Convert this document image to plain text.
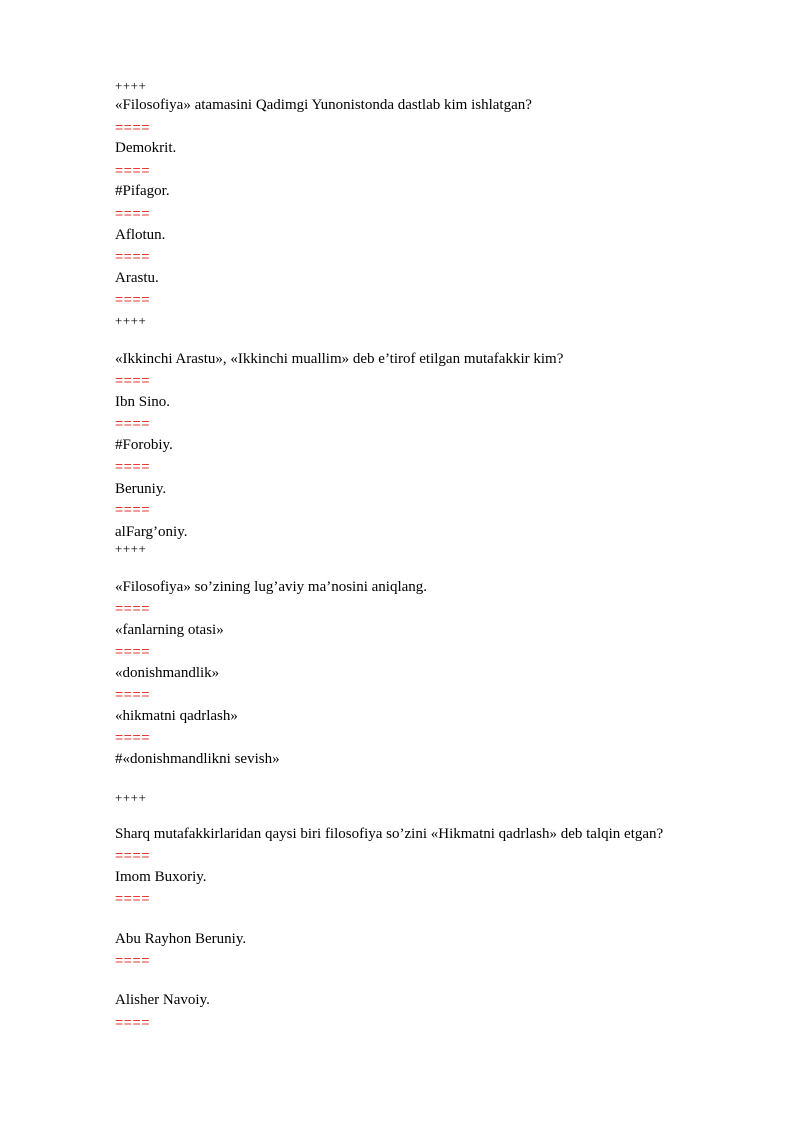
++++
«Filosofiya» atamasini Qadimgi Yunonistonda dastlab kim ishlatgan?
====
Demokrit.
====
#Pifagor.
====
Aflotun.
====
Arastu.
====
++++
«Ikkinchi Arastu», «Ikkinchi muallim» deb e’tirof etilgan mutafakkir kim?
====
Ibn Sino.
====
#Forobiy.
====
Beruniy.
====
alFarg’oniy.
++++
«Filosofiya» so’zining lug’aviy ma’nosini aniqlang.
====
«fanlarning otasi»
====
«donishmandlik»
====
«hikmatni qadrlash»
====
#«donishmandlikni sevish»
++++
Sharq mutafakkirlaridan qaysi biri filosofiya so’zini «Hikmatni qadrlash» deb talqin etgan?
====
Imom Buxoriy.
====
Abu Rayhon Beruniy.
====
Alisher Navoiy.
====
